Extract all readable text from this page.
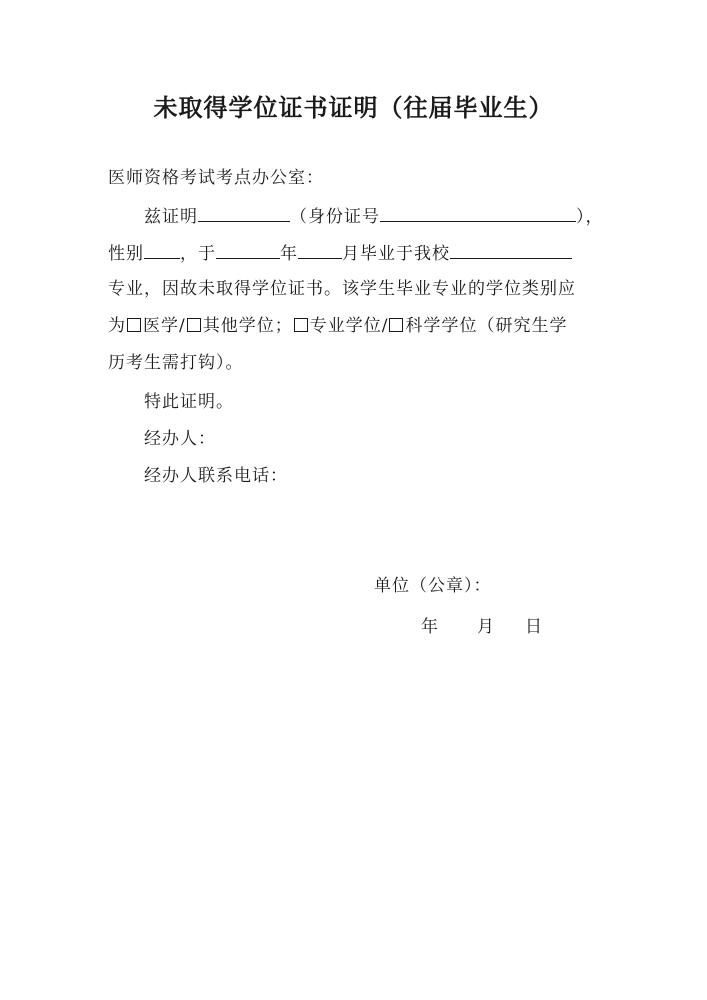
未取得学位证书证明（往届毕业生）
医师资格考试考点办公室：
兹证明	（身份证号	），
性别 ，于	年	月毕业于我校
专业，因故未取得学位证书。该学生毕业专业的学位类别应
为 医学/ 其他学位； 专业学位/ 科学学位（研究生学
历考生需打钩）。
特此证明。
经办人：
经办人联系电话：
单位（公章）：
年 月 日
